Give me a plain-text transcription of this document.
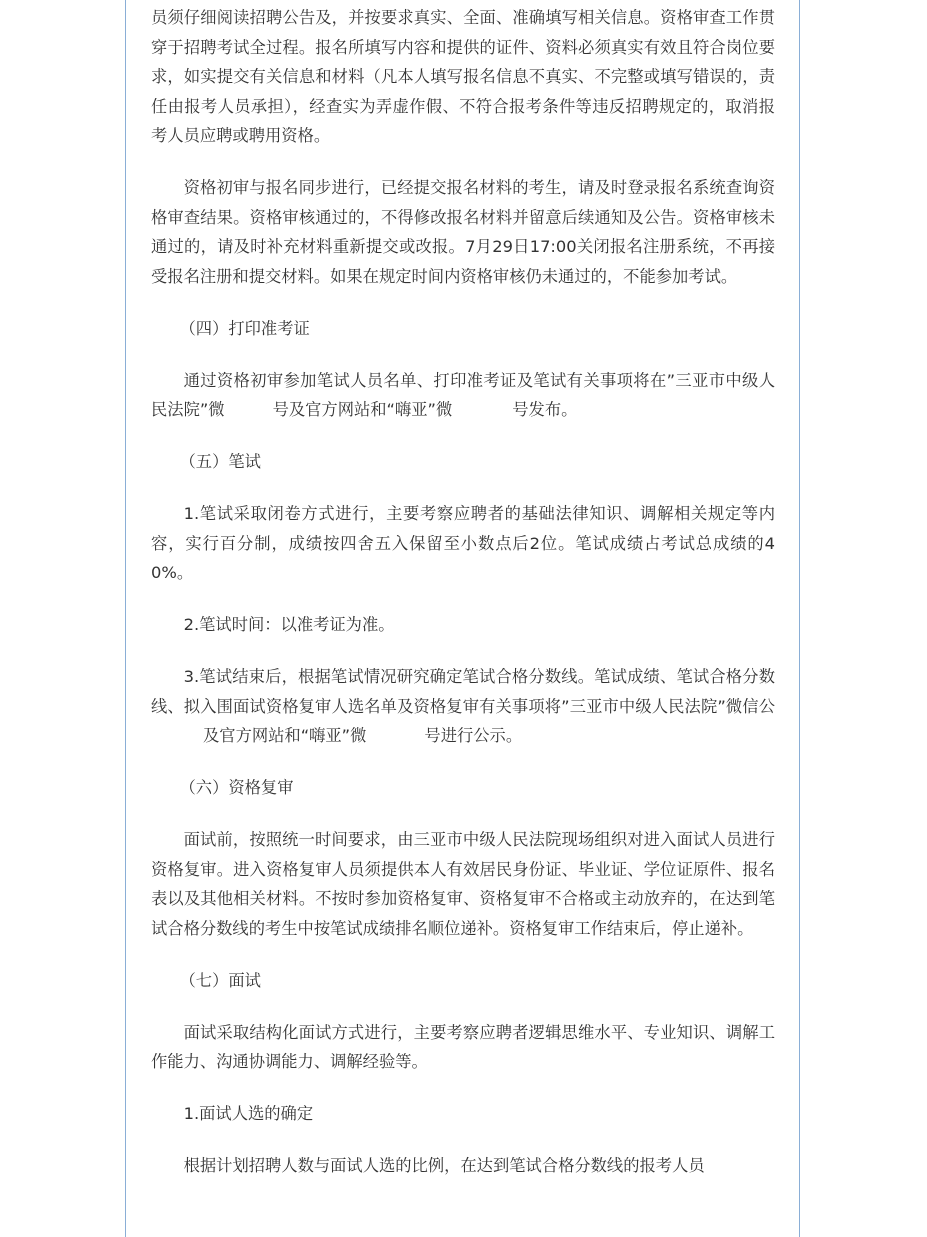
员须仔细阅读招聘公告及，并按要求真实、全面、准确填写相关信息。资格审查工作贯穿于招聘考试全过程。报名所填写内容和提供的证件、资料必须真实有效且符合岗位要求，如实提交有关信息和材料（凡本人填写报名信息不真实、不完整或填写错误的，责任由报考人员承担），经查实为弄虚作假、不符合报考条件等违反招聘规定的，取消报考人员应聘或聘用资格。

资格初审与报名同步进行，已经提交报名材料的考生，请及时登录报名系统查询资格审查结果。资格审核通过的，不得修改报名材料并留意后续通知及公告。资格审核未通过的，请及时补充材料重新提交或改报。7月29日17:00关闭报名注册系统，不再接受报名注册和提交材料。如果在规定时间内资格审核仍未通过的，不能参加考试。

（四）打印准考证

通过资格初审参加笔试人员名单、打印准考证及笔试有关事项将在”三亚市中级人民法院”微	号及官方网站和“嗨亚”微	号发布。

（五）笔试

1.笔试采取闭卷方式进行，主要考察应聘者的基础法律知识、调解相关规定等内容，实行百分制，成绩按四舍五入保留至小数点后2位。笔试成绩占考试总成绩的40%。

2.笔试时间：以准考证为准。

3.笔试结束后，根据笔试情况研究确定笔试合格分数线。笔试成绩、笔试合格分数线、拟入围面试资格复审人选名单及资格复审有关事项将”三亚市中级人民法院”微信公及官方网站和“嗨亚”微	号进行公示。

（六）资格复审

面试前，按照统一时间要求，由三亚市中级人民法院现场组织对进入面试人员进行资格复审。进入资格复审人员须提供本人有效居民身份证、毕业证、学位证原件、报名表以及其他相关材料。不按时参加资格复审、资格复审不合格或主动放弃的，在达到笔试合格分数线的考生中按笔试成绩排名顺位递补。资格复审工作结束后，停止递补。

（七）面试

面试采取结构化面试方式进行，主要考察应聘者逻辑思维水平、专业知识、调解工作能力、沟通协调能力、调解经验等。

1.面试人选的确定

根据计划招聘人数与面试人选的比例，在达到笔试合格分数线的报考人员
